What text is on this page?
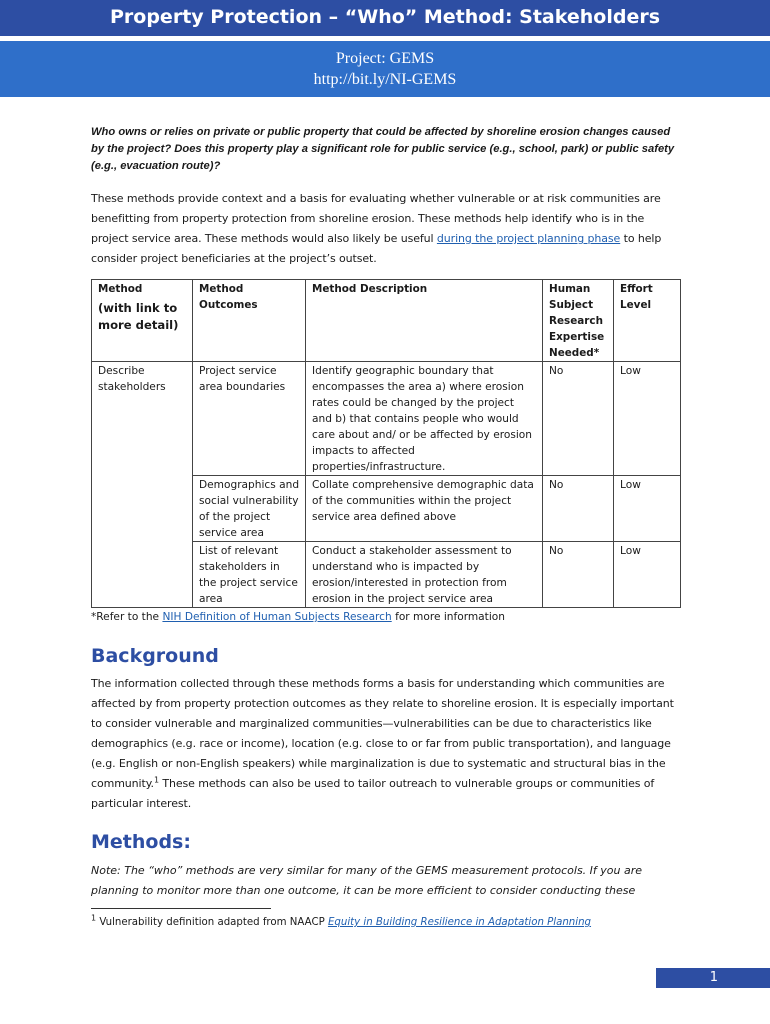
Property Protection – “Who” Method: Stakeholders
Project: GEMS
http://bit.ly/NI-GEMS

Who owns or relies on private or public property that could be affected by shoreline erosion changes caused by the project? Does this property play a significant role for public service (e.g., school, park) or public safety (e.g., evacuation route)?

These methods provide context and a basis for evaluating whether vulnerable or at risk communities are benefitting from property protection from shoreline erosion. These methods help identify who is in the project service area. These methods would also likely be useful during the project planning phase to help consider project beneficiaries at the project’s outset.

Method
(with link to more detail)	Method Outcomes	Method Description	Human Subject Research Expertise Needed*	Effort Level
Describe stakeholders	Project service area boundaries	Identify geographic boundary that encompasses the area a) where erosion rates could be changed by the project and b) that contains people who would care about and/ or be affected by erosion impacts to affected properties/infrastructure.	No	Low
	Demographics and social vulnerability of the project service area	Collate comprehensive demographic data of the communities within the project service area defined above	No	Low
	List of relevant stakeholders in the project service area	Conduct a stakeholder assessment to understand who is impacted by erosion/interested in protection from erosion in the project service area	No	Low

*Refer to the NIH Definition of Human Subjects Research for more information

Background

The information collected through these methods forms a basis for understanding which communities are affected by from property protection outcomes as they relate to shoreline erosion. It is especially important to consider vulnerable and marginalized communities—vulnerabilities can be due to characteristics like demographics (e.g. race or income), location (e.g. close to or far from public transportation), and language (e.g. English or non-English speakers) while marginalization is due to systematic and structural bias in the community.$^1$ These methods can also be used to tailor outreach to vulnerable groups or communities of particular interest.

Methods:

Note: The “who” methods are very similar for many of the GEMS measurement protocols. If you are planning to monitor more than one outcome, it can be more efficient to consider conducting these

$^1$ Vulnerability definition adapted from NAACP Equity in Building Resilience in Adaptation Planning
1
